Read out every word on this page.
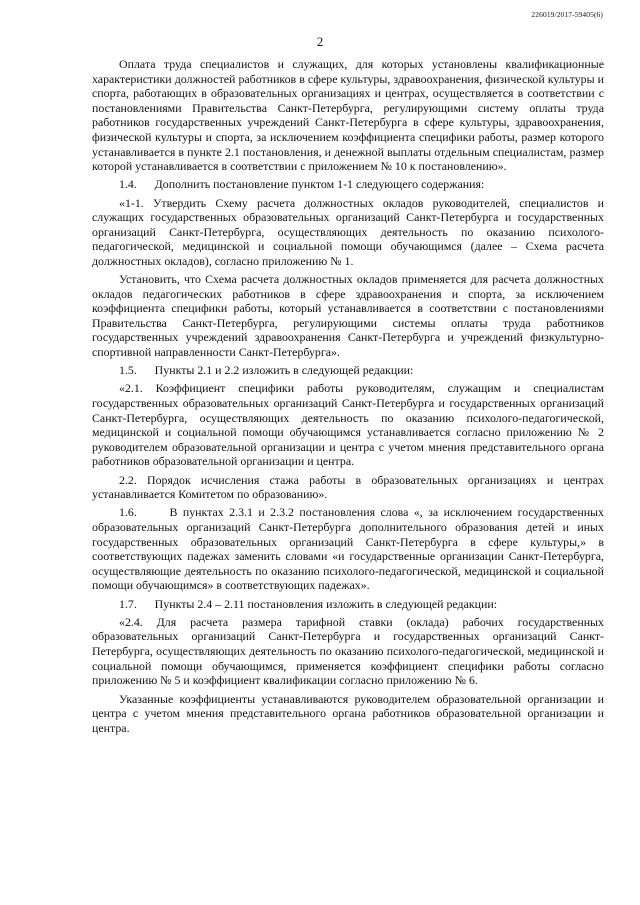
226019/2017-59405(6)
2

Оплата труда специалистов и служащих, для которых установлены квалификационные характеристики должностей работников в сфере культуры, здравоохранения, физической культуры и спорта, работающих в образовательных организациях и центрах, осуществляется в соответствии с постановлениями Правительства Санкт-Петербурга, регулирующими систему оплаты труда работников государственных учреждений Санкт-Петербурга в сфере культуры, здравоохранения, физической культуры и спорта, за исключением коэффициента специфики работы, размер которого устанавливается в пункте 2.1 постановления, и денежной выплаты отдельным специалистам, размер которой устанавливается в соответствии с приложением № 10 к постановлению».

1.4.      Дополнить постановление пунктом 1-1 следующего содержания:

«1-1. Утвердить Схему расчета должностных окладов руководителей, специалистов и служащих государственных образовательных организаций Санкт-Петербурга и государственных организаций Санкт-Петербурга, осуществляющих деятельность по оказанию психолого-педагогической, медицинской и социальной помощи обучающимся (далее – Схема расчета должностных окладов), согласно приложению № 1.

Установить, что Схема расчета должностных окладов применяется для расчета должностных окладов педагогических работников в сфере здравоохранения и спорта, за исключением коэффициента специфики работы, который устанавливается в соответствии с постановлениями Правительства Санкт-Петербурга, регулирующими системы оплаты труда работников государственных учреждений здравоохранения Санкт-Петербурга и учреждений физкультурно-спортивной направленности Санкт-Петербурга».

1.5.      Пункты 2.1 и 2.2 изложить в следующей редакции:

«2.1. Коэффициент специфики работы руководителям, служащим и специалистам государственных образовательных организаций Санкт-Петербурга и государственных организаций Санкт-Петербурга, осуществляющих деятельность по оказанию психолого-педагогической, медицинской и социальной помощи обучающимся устанавливается согласно приложению № 2 руководителем образовательной организации и центра с учетом мнения представительного органа работников образовательной организации и центра.

2.2. Порядок исчисления стажа работы в образовательных организациях и центрах устанавливается Комитетом по образованию».

1.6.      В пунктах 2.3.1 и 2.3.2 постановления слова «, за исключением государственных образовательных организаций Санкт-Петербурга дополнительного образования детей и иных государственных образовательных организаций Санкт-Петербурга в сфере культуры,» в соответствующих падежах заменить словами «и государственные организации Санкт-Петербурга, осуществляющие деятельность по оказанию психолого-педагогической, медицинской и социальной помощи обучающимся» в соответствующих падежах».

1.7.      Пункты 2.4 – 2.11 постановления изложить в следующей редакции:

«2.4. Для расчета размера тарифной ставки (оклада) рабочих государственных образовательных организаций Санкт-Петербурга и государственных организаций Санкт-Петербурга, осуществляющих деятельность по оказанию психолого-педагогической, медицинской и социальной помощи обучающимся, применяется коэффициент специфики работы согласно приложению № 5 и коэффициент квалификации согласно приложению № 6.

Указанные коэффициенты устанавливаются руководителем образовательной организации и центра с учетом мнения представительного органа работников образовательной организации и центра.
